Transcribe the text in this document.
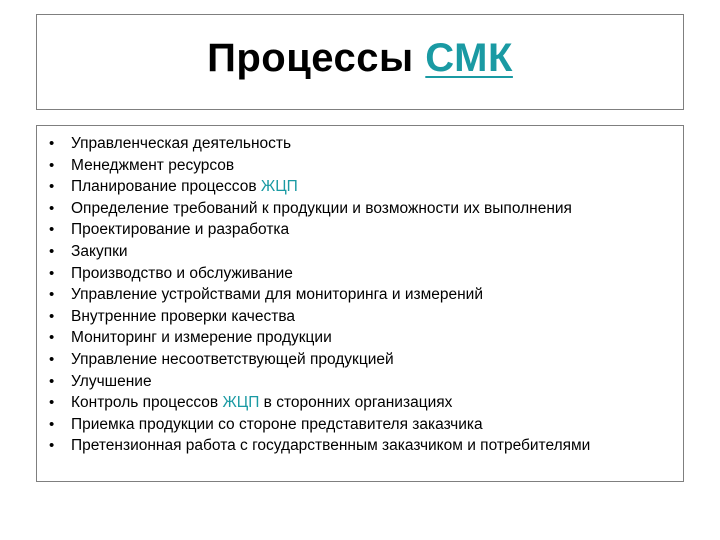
Процессы СМК
• Управленческая деятельность
• Менеджмент ресурсов
• Планирование процессов ЖЦП
• Определение требований к продукции и возможности их выполнения
• Проектирование и разработка
• Закупки
• Производство и обслуживание
• Управление устройствами для мониторинга и измерений
• Внутренние проверки качества
• Мониторинг и измерение продукции
• Управление несоответствующей продукцией
• Улучшение
• Контроль процессов ЖЦП в сторонних организациях
• Приемка продукции со стороне представителя заказчика
• Претензионная работа с государственным заказчиком и потребителями
